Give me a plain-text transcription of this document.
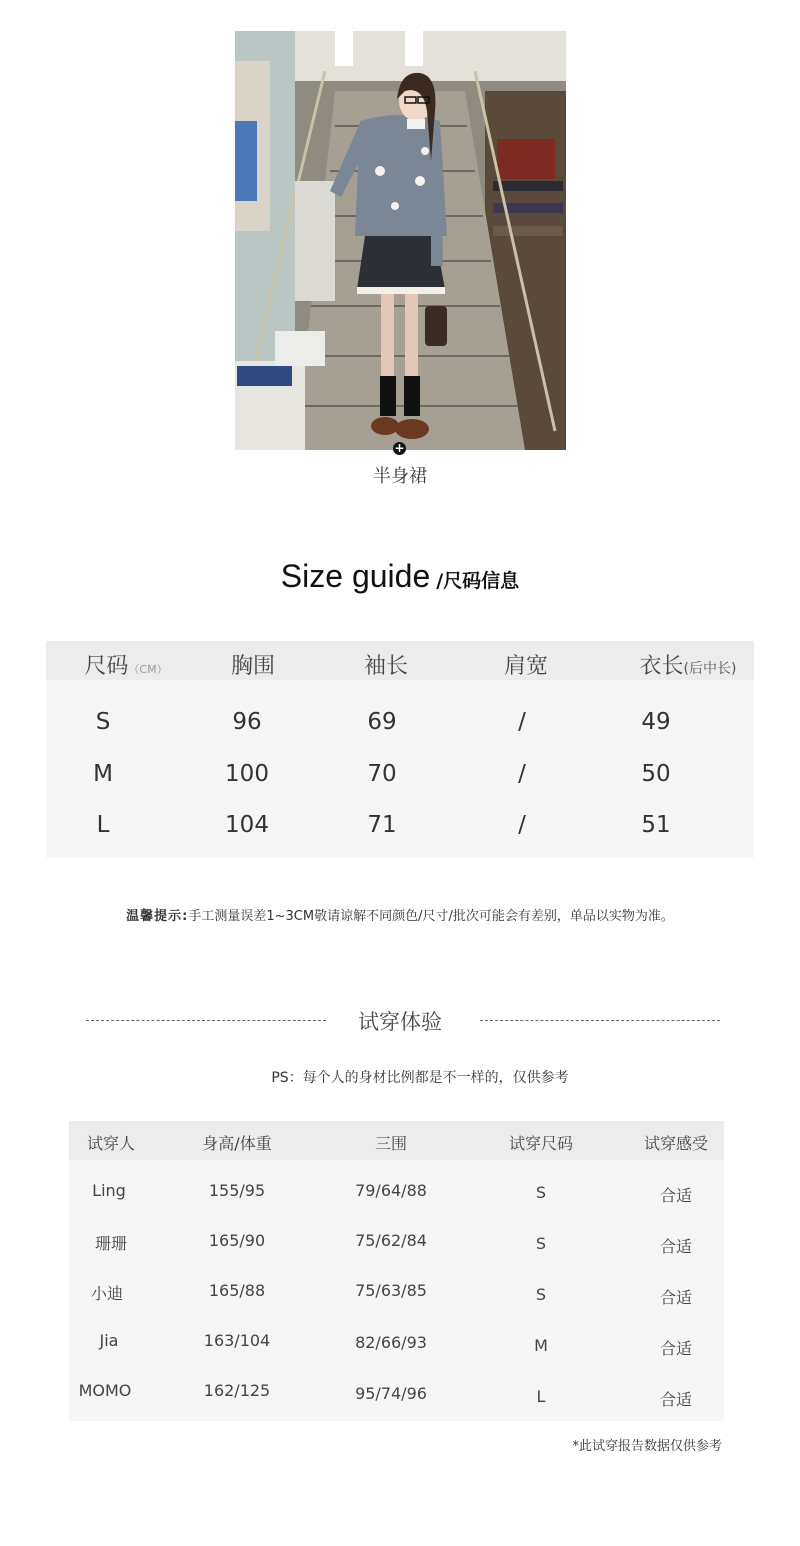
+
半身裙
Size guide /尺码信息
尺码（CM）	胸围	袖长	肩宽	衣长(后中长)
S	96	69	/	49
M	100	70	/	50
L	104	71	/	51
温馨提示:手工测量误差1~3CM敬请谅解不同颜色/尺寸/批次可能会有差别，单品以实物为准。
试穿体验
PS：每个人的身材比例都是不一样的，仅供参考
试穿人	身高/体重	三围	试穿尺码	试穿感受
Ling	155/95	79/64/88	S	合适
珊珊	165/90	75/62/84	S	合适
小迪	165/88	75/63/85	S	合适
Jia	163/104	82/66/93	M	合适
MOMO	162/125	95/74/96	L	合适
*此试穿报告数据仅供参考
